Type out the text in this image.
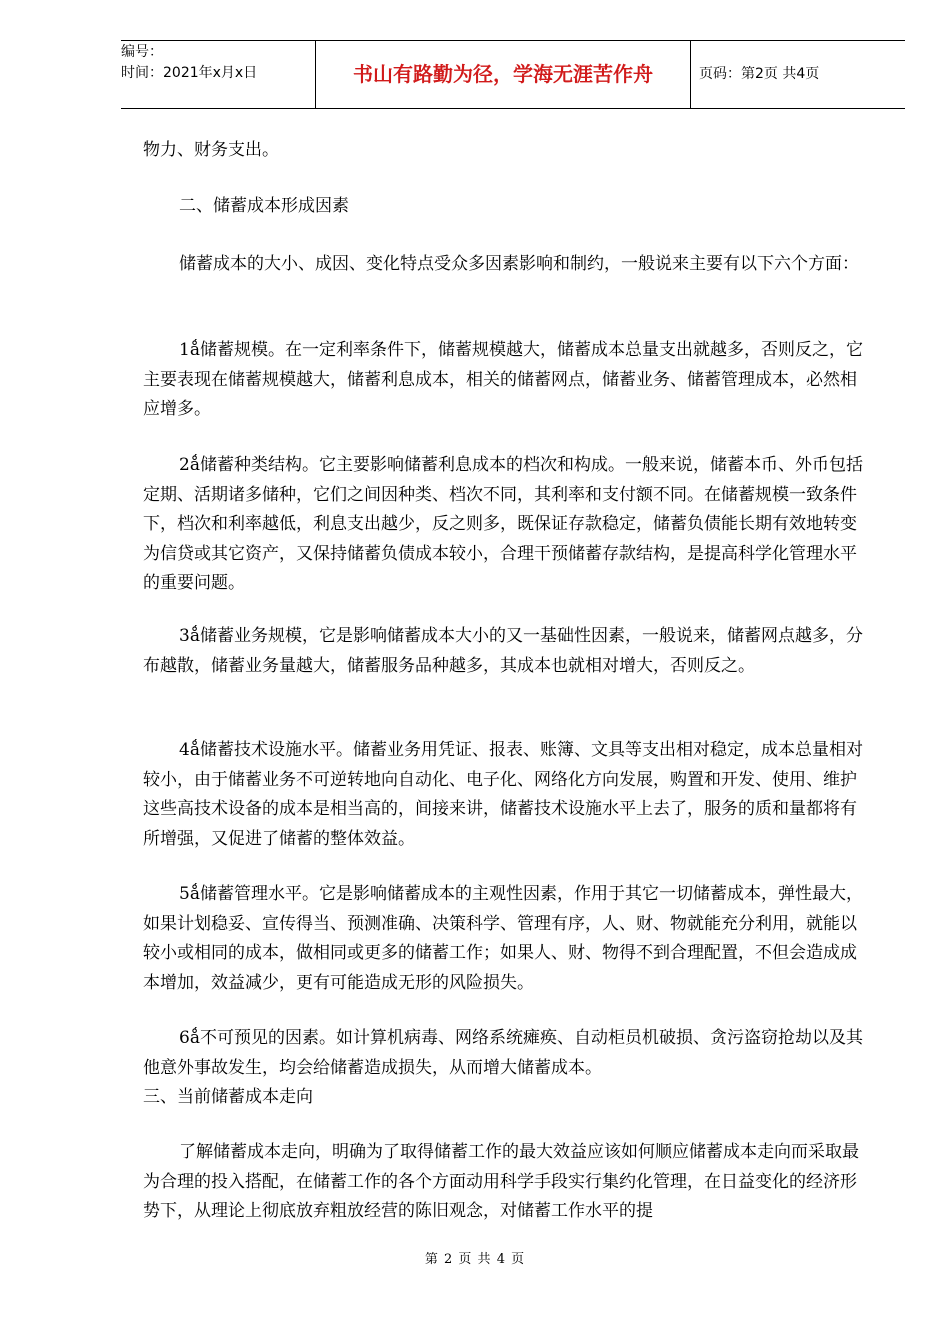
编号：
时间：2021年x月x日	书山有路勤为径，学海无涯苦作舟	页码：第2页 共4页

物力、财务支出。

二、储蓄成本形成因素

储蓄成本的大小、成因、变化特点受众多因素影响和制约，一般说来主要有以下六个方面：

1ǻ储蓄规模。在一定利率条件下，储蓄规模越大，储蓄成本总量支出就越多，否则反之，它主要表现在储蓄规模越大，储蓄利息成本，相关的储蓄网点，储蓄业务、储蓄管理成本，必然相应增多。

2ǻ储蓄种类结构。它主要影响储蓄利息成本的档次和构成。一般来说，储蓄本币、外币包括定期、活期诸多储种，它们之间因种类、档次不同，其利率和支付额不同。在储蓄规模一致条件下，档次和利率越低，利息支出越少，反之则多，既保证存款稳定，储蓄负债能长期有效地转变为信贷或其它资产，又保持储蓄负债成本较小，合理干预储蓄存款结构，是提高科学化管理水平的重要问题。

3ǻ储蓄业务规模，它是影响储蓄成本大小的又一基础性因素，一般说来，储蓄网点越多，分布越散，储蓄业务量越大，储蓄服务品种越多，其成本也就相对增大，否则反之。

4ǻ储蓄技术设施水平。储蓄业务用凭证、报表、账簿、文具等支出相对稳定，成本总量相对较小，由于储蓄业务不可逆转地向自动化、电子化、网络化方向发展，购置和开发、使用、维护这些高技术设备的成本是相当高的，间接来讲，储蓄技术设施水平上去了，服务的质和量都将有所增强，又促进了储蓄的整体效益。

5ǻ储蓄管理水平。它是影响储蓄成本的主观性因素，作用于其它一切储蓄成本，弹性最大，如果计划稳妥、宣传得当、预测准确、决策科学、管理有序，人、财、物就能充分利用，就能以较小或相同的成本，做相同或更多的储蓄工作；如果人、财、物得不到合理配置，不但会造成成本增加，效益减少，更有可能造成无形的风险损失。

6ǻ不可预见的因素。如计算机病毒、网络系统瘫痪、自动柜员机破损、贪污盗窃抢劫以及其他意外事故发生，均会给储蓄造成损失，从而增大储蓄成本。

三、当前储蓄成本走向

了解储蓄成本走向，明确为了取得储蓄工作的最大效益应该如何顺应储蓄成本走向而采取最为合理的投入搭配，在储蓄工作的各个方面动用科学手段实行集约化管理，在日益变化的经济形势下，从理论上彻底放弃粗放经营的陈旧观念，对储蓄工作水平的提

第 2 页 共 4 页
